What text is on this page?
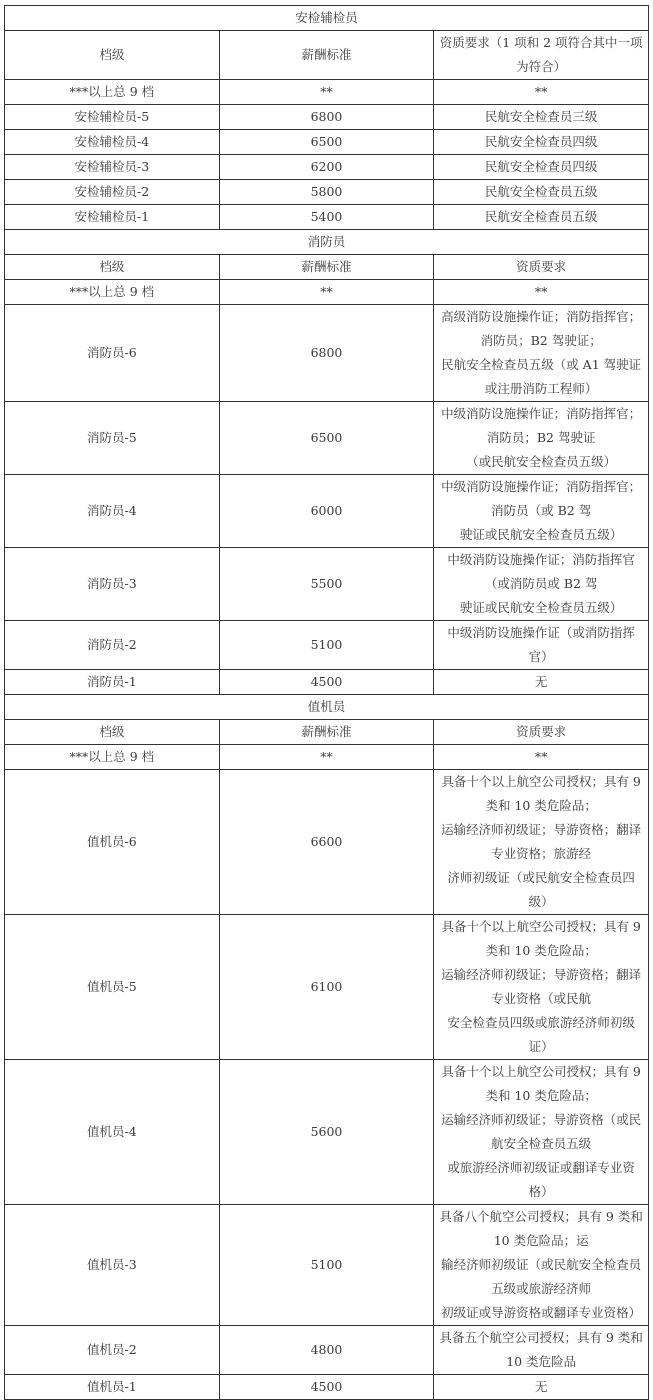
安检辅检员		
档级	薪酬标准	资质要求（1 项和 2 项符合其中一项为符合）
***以上总 9 档	**	**
安检辅检员-5	6800	民航安全检查员三级
安检辅检员-4	6500	民航安全检查员四级
安检辅检员-3	6200	民航安全检查员四级
安检辅检员-2	5800	民航安全检查员五级
安检辅检员-1	5400	民航安全检查员五级
消防员		
档级	薪酬标准	资质要求
***以上总 9 档	**	**
消防员-6	6800	高级消防设施操作证；消防指挥官；消防员；B2 驾驶证；
民航安全检查员五级（或 A1 驾驶证或注册消防工程师）
消防员-5	6500	中级消防设施操作证；消防指挥官；消防员；B2 驾驶证
（或民航安全检查员五级）
消防员-4	6000	中级消防设施操作证；消防指挥官；消防员（或 B2 驾
驶证或民航安全检查员五级）
消防员-3	5500	中级消防设施操作证；消防指挥官（或消防员或 B2 驾
驶证或民航安全检查员五级）
消防员-2	5100	中级消防设施操作证（或消防指挥官）
消防员-1	4500	无
值机员		
档级	薪酬标准	资质要求
***以上总 9 档	**	**
值机员-6	6600	具备十个以上航空公司授权；具有 9 类和 10 类危险品；
运输经济师初级证；导游资格；翻译专业资格；旅游经
济师初级证（或民航安全检查员四级）
值机员-5	6100	具备十个以上航空公司授权；具有 9 类和 10 类危险品；
运输经济师初级证；导游资格；翻译专业资格（或民航
安全检查员四级或旅游经济师初级证）
值机员-4	5600	具备十个以上航空公司授权；具有 9 类和 10 类危险品；
运输经济师初级证；导游资格（或民航安全检查员五级
或旅游经济师初级证或翻译专业资格）
值机员-3	5100	具备八个航空公司授权；具有 9 类和 10 类危险品；运
输经济师初级证（或民航安全检查员五级或旅游经济师
初级证或导游资格或翻译专业资格）
值机员-2	4800	具备五个航空公司授权；具有 9 类和 10 类危险品
值机员-1	4500	无
